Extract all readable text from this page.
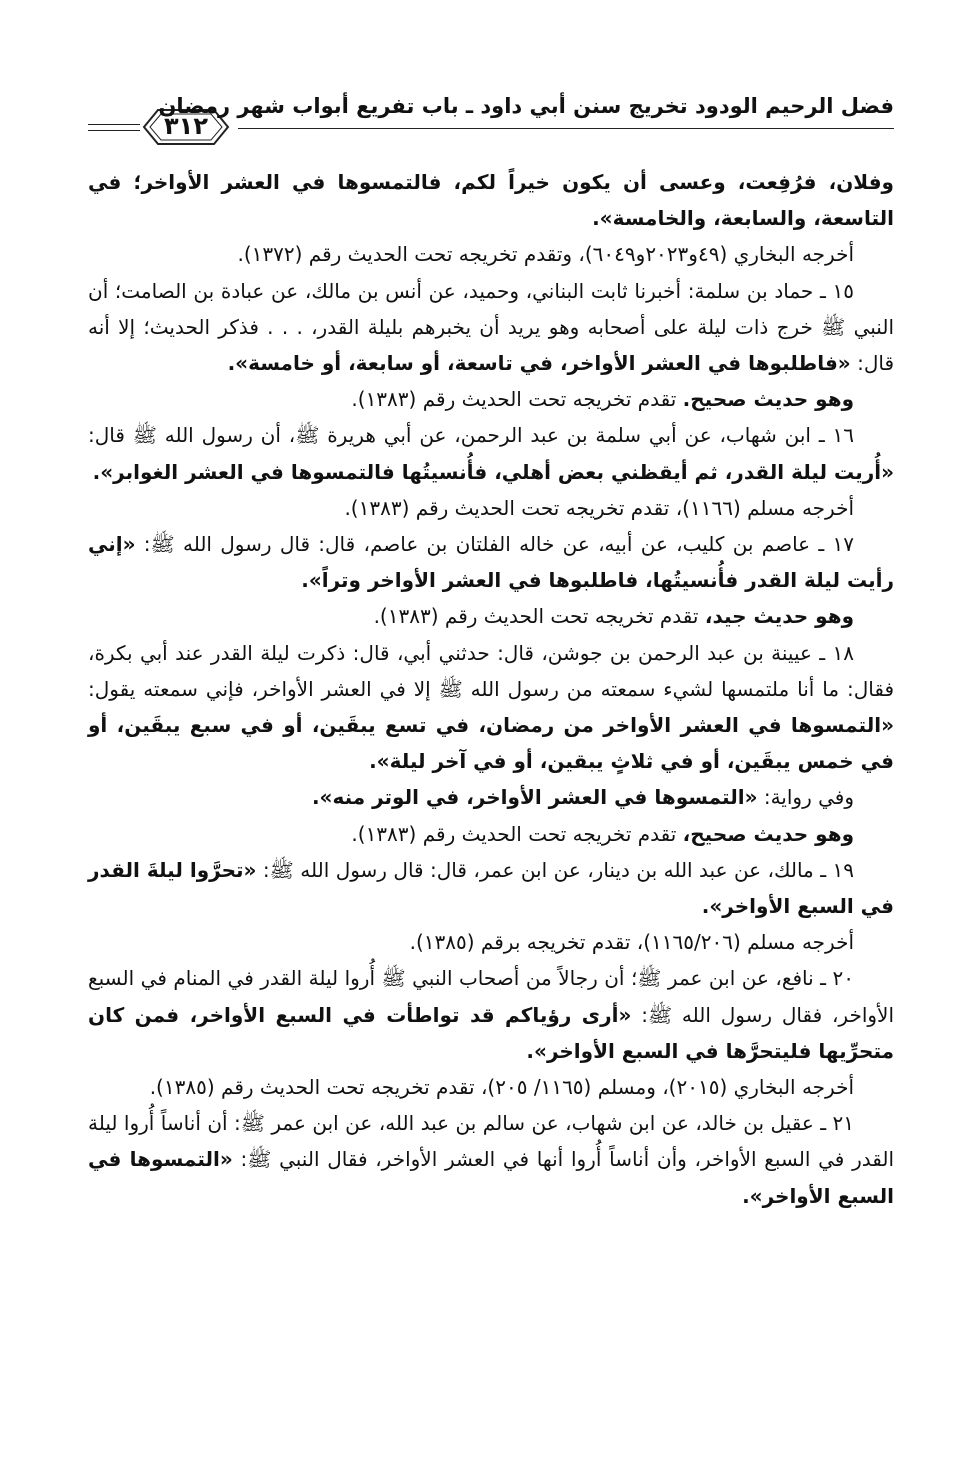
٣١٢
فضل الرحيم الودود تخريج سنن أبي داود ـ باب تفريع أبواب شهر رمضان

وفلان، فرُفِعت، وعسى أن يكون خيراً لكم، فالتمسوها في العشر الأواخر؛ في التاسعة، والسابعة، والخامسة».

أخرجه البخاري (٤٩و٢٠٢٣و٦٠٤٩)، وتقدم تخريجه تحت الحديث رقم (١٣٧٢).

١٥ ـ حماد بن سلمة: أخبرنا ثابت البناني، وحميد، عن أنس بن مالك، عن عبادة بن الصامت؛ أن النبي ﷺ خرج ذات ليلة على أصحابه وهو يريد أن يخبرهم بليلة القدر، . . . فذكر الحديث؛ إلا أنه قال: «فاطلبوها في العشر الأواخر، في تاسعة، أو سابعة، أو خامسة».

وهو حديث صحيح. تقدم تخريجه تحت الحديث رقم (١٣٨٣).

١٦ ـ ابن شهاب، عن أبي سلمة بن عبد الرحمن، عن أبي هريرة ﷺ، أن رسول الله ﷺ قال: «أُريت ليلة القدر، ثم أيقظني بعض أهلي، فأُنسيتُها فالتمسوها في العشر الغوابر».

أخرجه مسلم (١١٦٦)، تقدم تخريجه تحت الحديث رقم (١٣٨٣).

١٧ ـ عاصم بن كليب، عن أبيه، عن خاله الفلتان بن عاصم، قال: قال رسول الله ﷺ: «إني رأيت ليلة القدر فأُنسيتُها، فاطلبوها في العشر الأواخر وتراً».

وهو حديث جيد، تقدم تخريجه تحت الحديث رقم (١٣٨٣).

١٨ ـ عيينة بن عبد الرحمن بن جوشن، قال: حدثني أبي، قال: ذكرت ليلة القدر عند أبي بكرة، فقال: ما أنا ملتمسها لشيء سمعته من رسول الله ﷺ إلا في العشر الأواخر، فإني سمعته يقول: «التمسوها في العشر الأواخر من رمضان، في تسع يبقَين، أو في سبع يبقَين، أو في خمس يبقَين، أو في ثلاثٍ يبقين، أو في آخر ليلة».

وفي رواية: «التمسوها في العشر الأواخر، في الوتر منه».

وهو حديث صحيح، تقدم تخريجه تحت الحديث رقم (١٣٨٣).

١٩ ـ مالك، عن عبد الله بن دينار، عن ابن عمر، قال: قال رسول الله ﷺ: «تحرَّوا ليلةَ القدر في السبع الأواخر».

أخرجه مسلم (١١٦٥/٢٠٦)، تقدم تخريجه برقم (١٣٨٥).

٢٠ ـ نافع، عن ابن عمر ﷺ؛ أن رجالاً من أصحاب النبي ﷺ أُروا ليلة القدر في المنام في السبع الأواخر، فقال رسول الله ﷺ: «أرى رؤياكم قد تواطأت في السبع الأواخر، فمن كان متحرِّيها فليتحرَّها في السبع الأواخر».

أخرجه البخاري (٢٠١٥)، ومسلم (١١٦٥/ ٢٠٥)، تقدم تخريجه تحت الحديث رقم (١٣٨٥).

٢١ ـ عقيل بن خالد، عن ابن شهاب، عن سالم بن عبد الله، عن ابن عمر ﷺ: أن أناساً أُروا ليلة القدر في السبع الأواخر، وأن أناساً أُروا أنها في العشر الأواخر، فقال النبي ﷺ: «التمسوها في السبع الأواخر».
